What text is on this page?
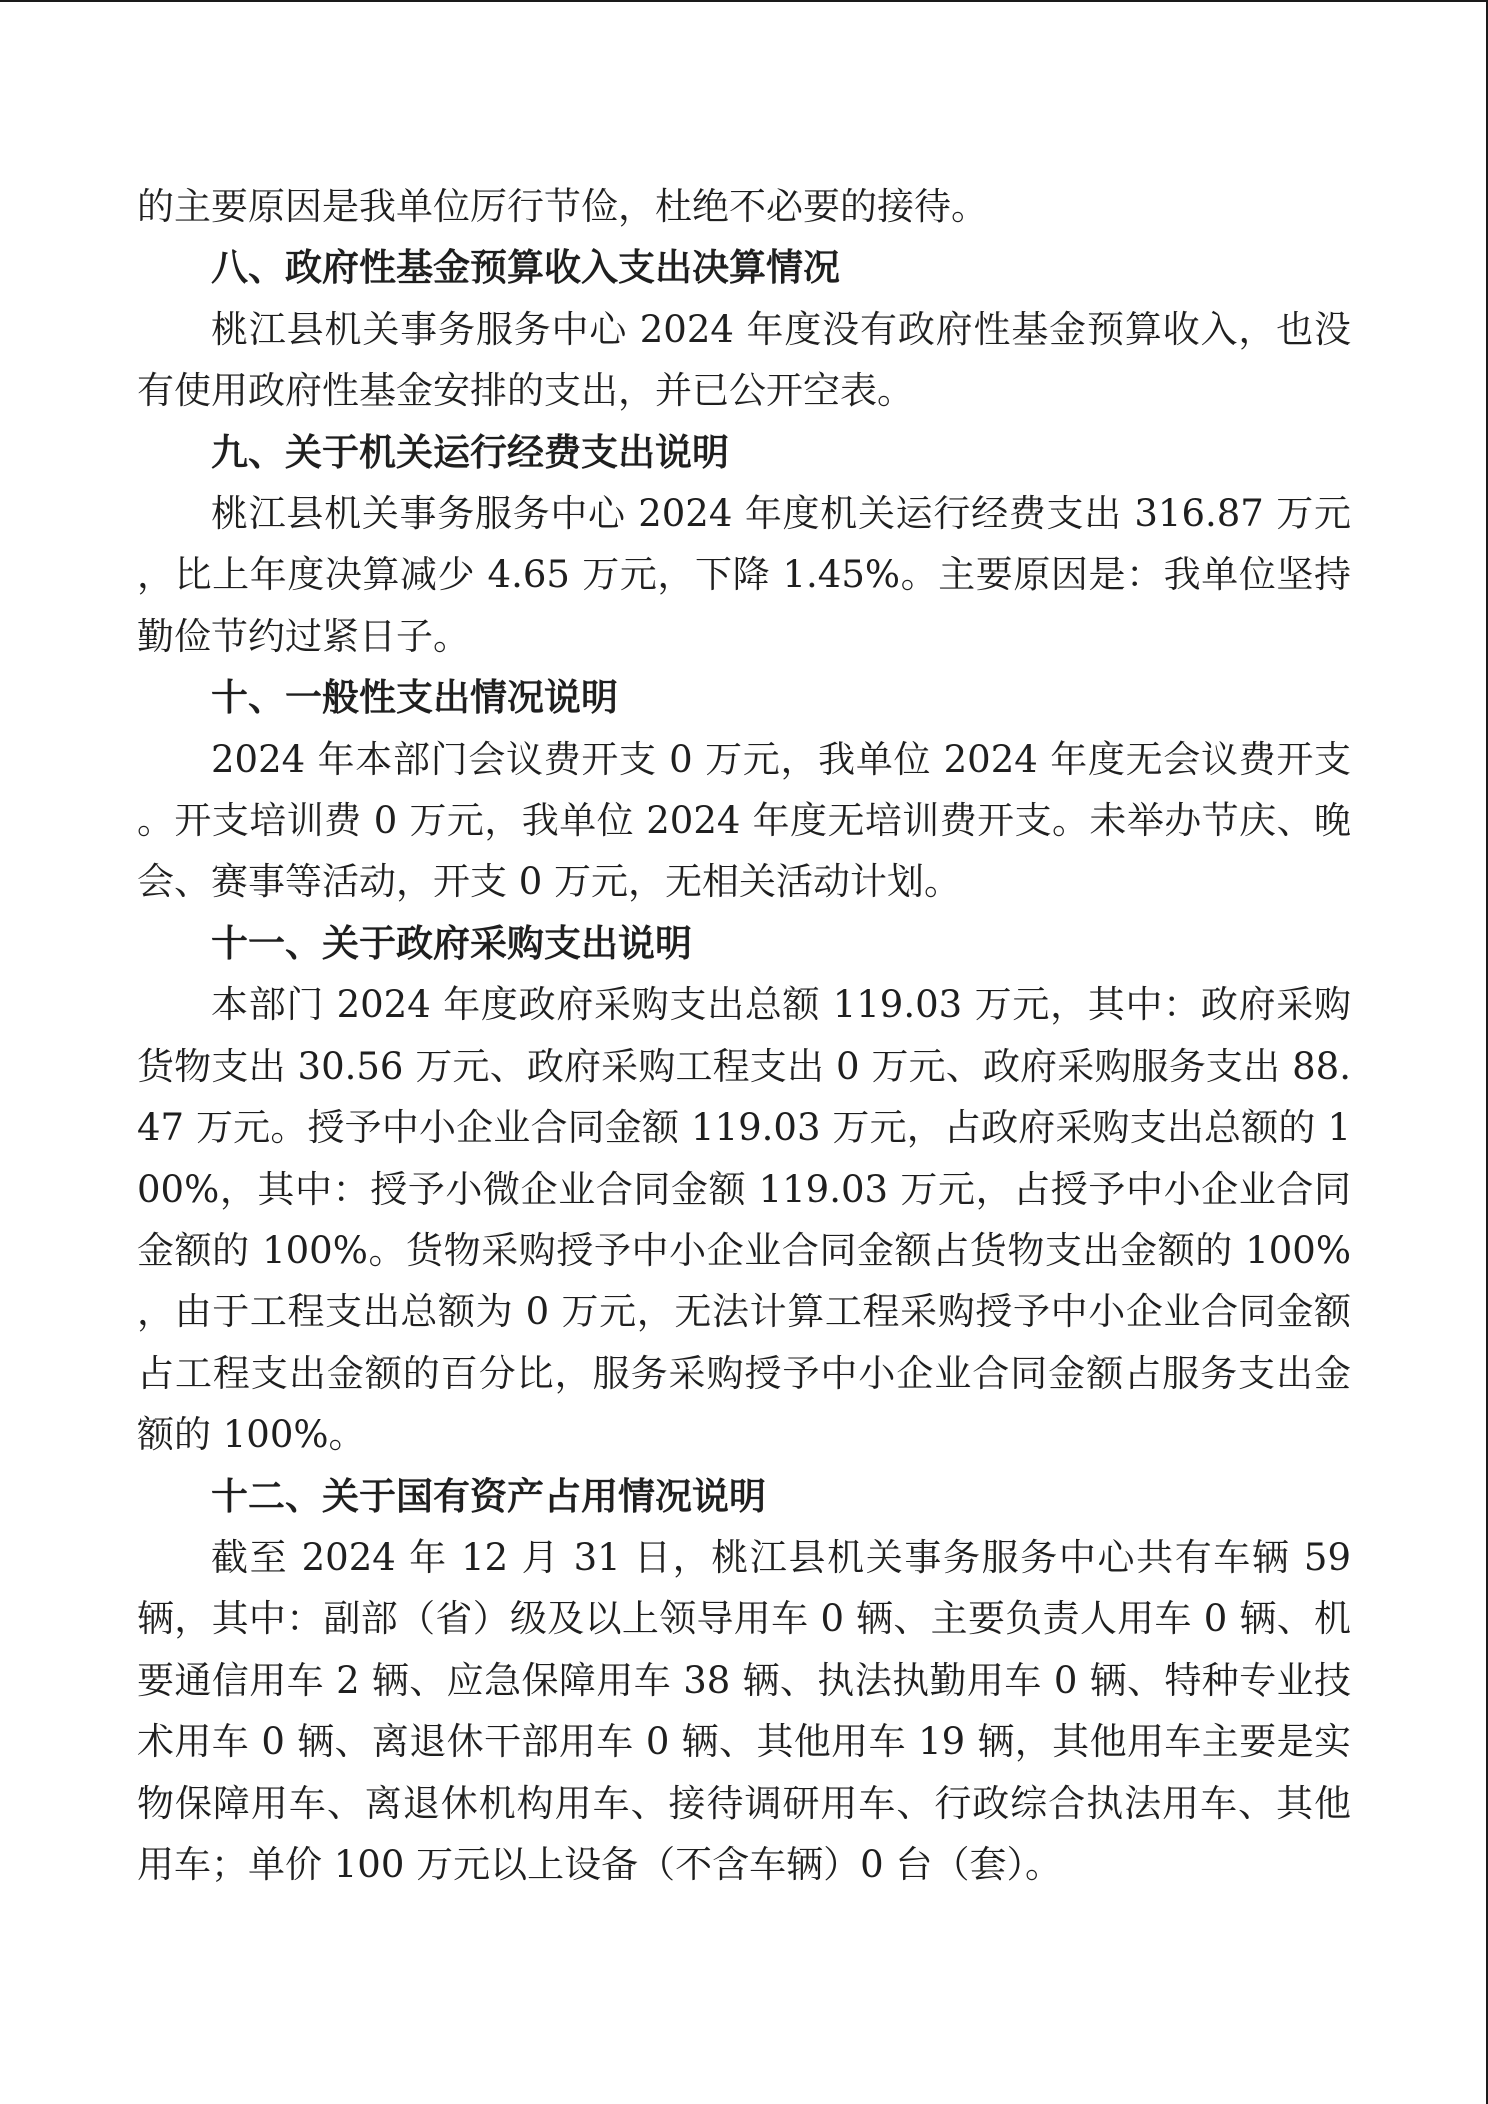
的主要原因是我单位厉行节俭，杜绝不必要的接待。

八、政府性基金预算收入支出决算情况

桃江县机关事务服务中心 2024 年度没有政府性基金预算收入，也没有使用政府性基金安排的支出，并已公开空表。

九、关于机关运行经费支出说明

桃江县机关事务服务中心 2024 年度机关运行经费支出 316.87 万元，比上年度决算减少 4.65 万元，下降 1.45%。主要原因是：我单位坚持勤俭节约过紧日子。

十、一般性支出情况说明

2024 年本部门会议费开支 0 万元，我单位 2024 年度无会议费开支。开支培训费 0 万元，我单位 2024 年度无培训费开支。未举办节庆、晚会、赛事等活动，开支 0 万元，无相关活动计划。

十一、关于政府采购支出说明

本部门 2024 年度政府采购支出总额 119.03 万元，其中：政府采购货物支出 30.56 万元、政府采购工程支出 0 万元、政府采购服务支出 88.47 万元。授予中小企业合同金额 119.03 万元，占政府采购支出总额的 100%，其中：授予小微企业合同金额 119.03 万元，占授予中小企业合同金额的 100%。货物采购授予中小企业合同金额占货物支出金额的 100%，由于工程支出总额为 0 万元，无法计算工程采购授予中小企业合同金额占工程支出金额的百分比，服务采购授予中小企业合同金额占服务支出金额的 100%。

十二、关于国有资产占用情况说明

截至 2024 年 12 月 31 日，桃江县机关事务服务中心共有车辆 59 辆，其中：副部（省）级及以上领导用车 0 辆、主要负责人用车 0 辆、机要通信用车 2 辆、应急保障用车 38 辆、执法执勤用车 0 辆、特种专业技术用车 0 辆、离退休干部用车 0 辆、其他用车 19 辆，其他用车主要是实物保障用车、离退休机构用车、接待调研用车、行政综合执法用车、其他用车；单价 100 万元以上设备（不含车辆）0 台（套）。
